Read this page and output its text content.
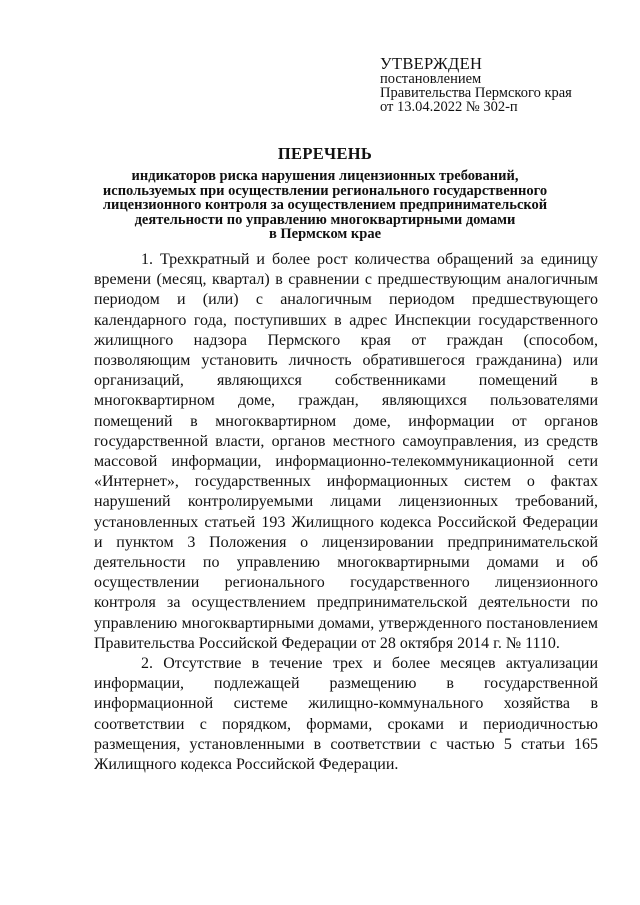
УТВЕРЖДЕН
постановлением
Правительства Пермского края
от 13.04.2022 № 302-п
ПЕРЕЧЕНЬ
индикаторов риска нарушения лицензионных требований,
используемых при осуществлении регионального государственного
лицензионного контроля за осуществлением предпринимательской
деятельности по управлению многоквартирными домами
в Пермском крае

1. Трехкратный и более рост количества обращений за единицу времени (месяц, квартал) в сравнении с предшествующим аналогичным периодом и (или) с аналогичным периодом предшествующего календарного года, поступивших в адрес Инспекции государственного жилищного надзора Пермского края от граждан (способом, позволяющим установить личность обратившегося гражданина) или организаций, являющихся собственниками помещений в многоквартирном доме, граждан, являющихся пользователями помещений в многоквартирном доме, информации от органов государственной власти, органов местного самоуправления, из средств массовой информации, информационно-телекоммуникационной сети «Интернет», государственных информационных систем о фактах нарушений контролируемыми лицами лицензионных требований, установленных статьей 193 Жилищного кодекса Российской Федерации и пунктом 3 Положения о лицензировании предпринимательской деятельности по управлению многоквартирными домами и об осуществлении регионального государственного лицензионного контроля за осуществлением предпринимательской деятельности по управлению многоквартирными домами, утвержденного постановлением Правительства Российской Федерации от 28 октября 2014 г. № 1110.

2. Отсутствие в течение трех и более месяцев актуализации информации, подлежащей размещению в государственной информационной системе жилищно-коммунального хозяйства в соответствии с порядком, формами, сроками и периодичностью размещения, установленными в соответствии с частью 5 статьи 165 Жилищного кодекса Российской Федерации.
